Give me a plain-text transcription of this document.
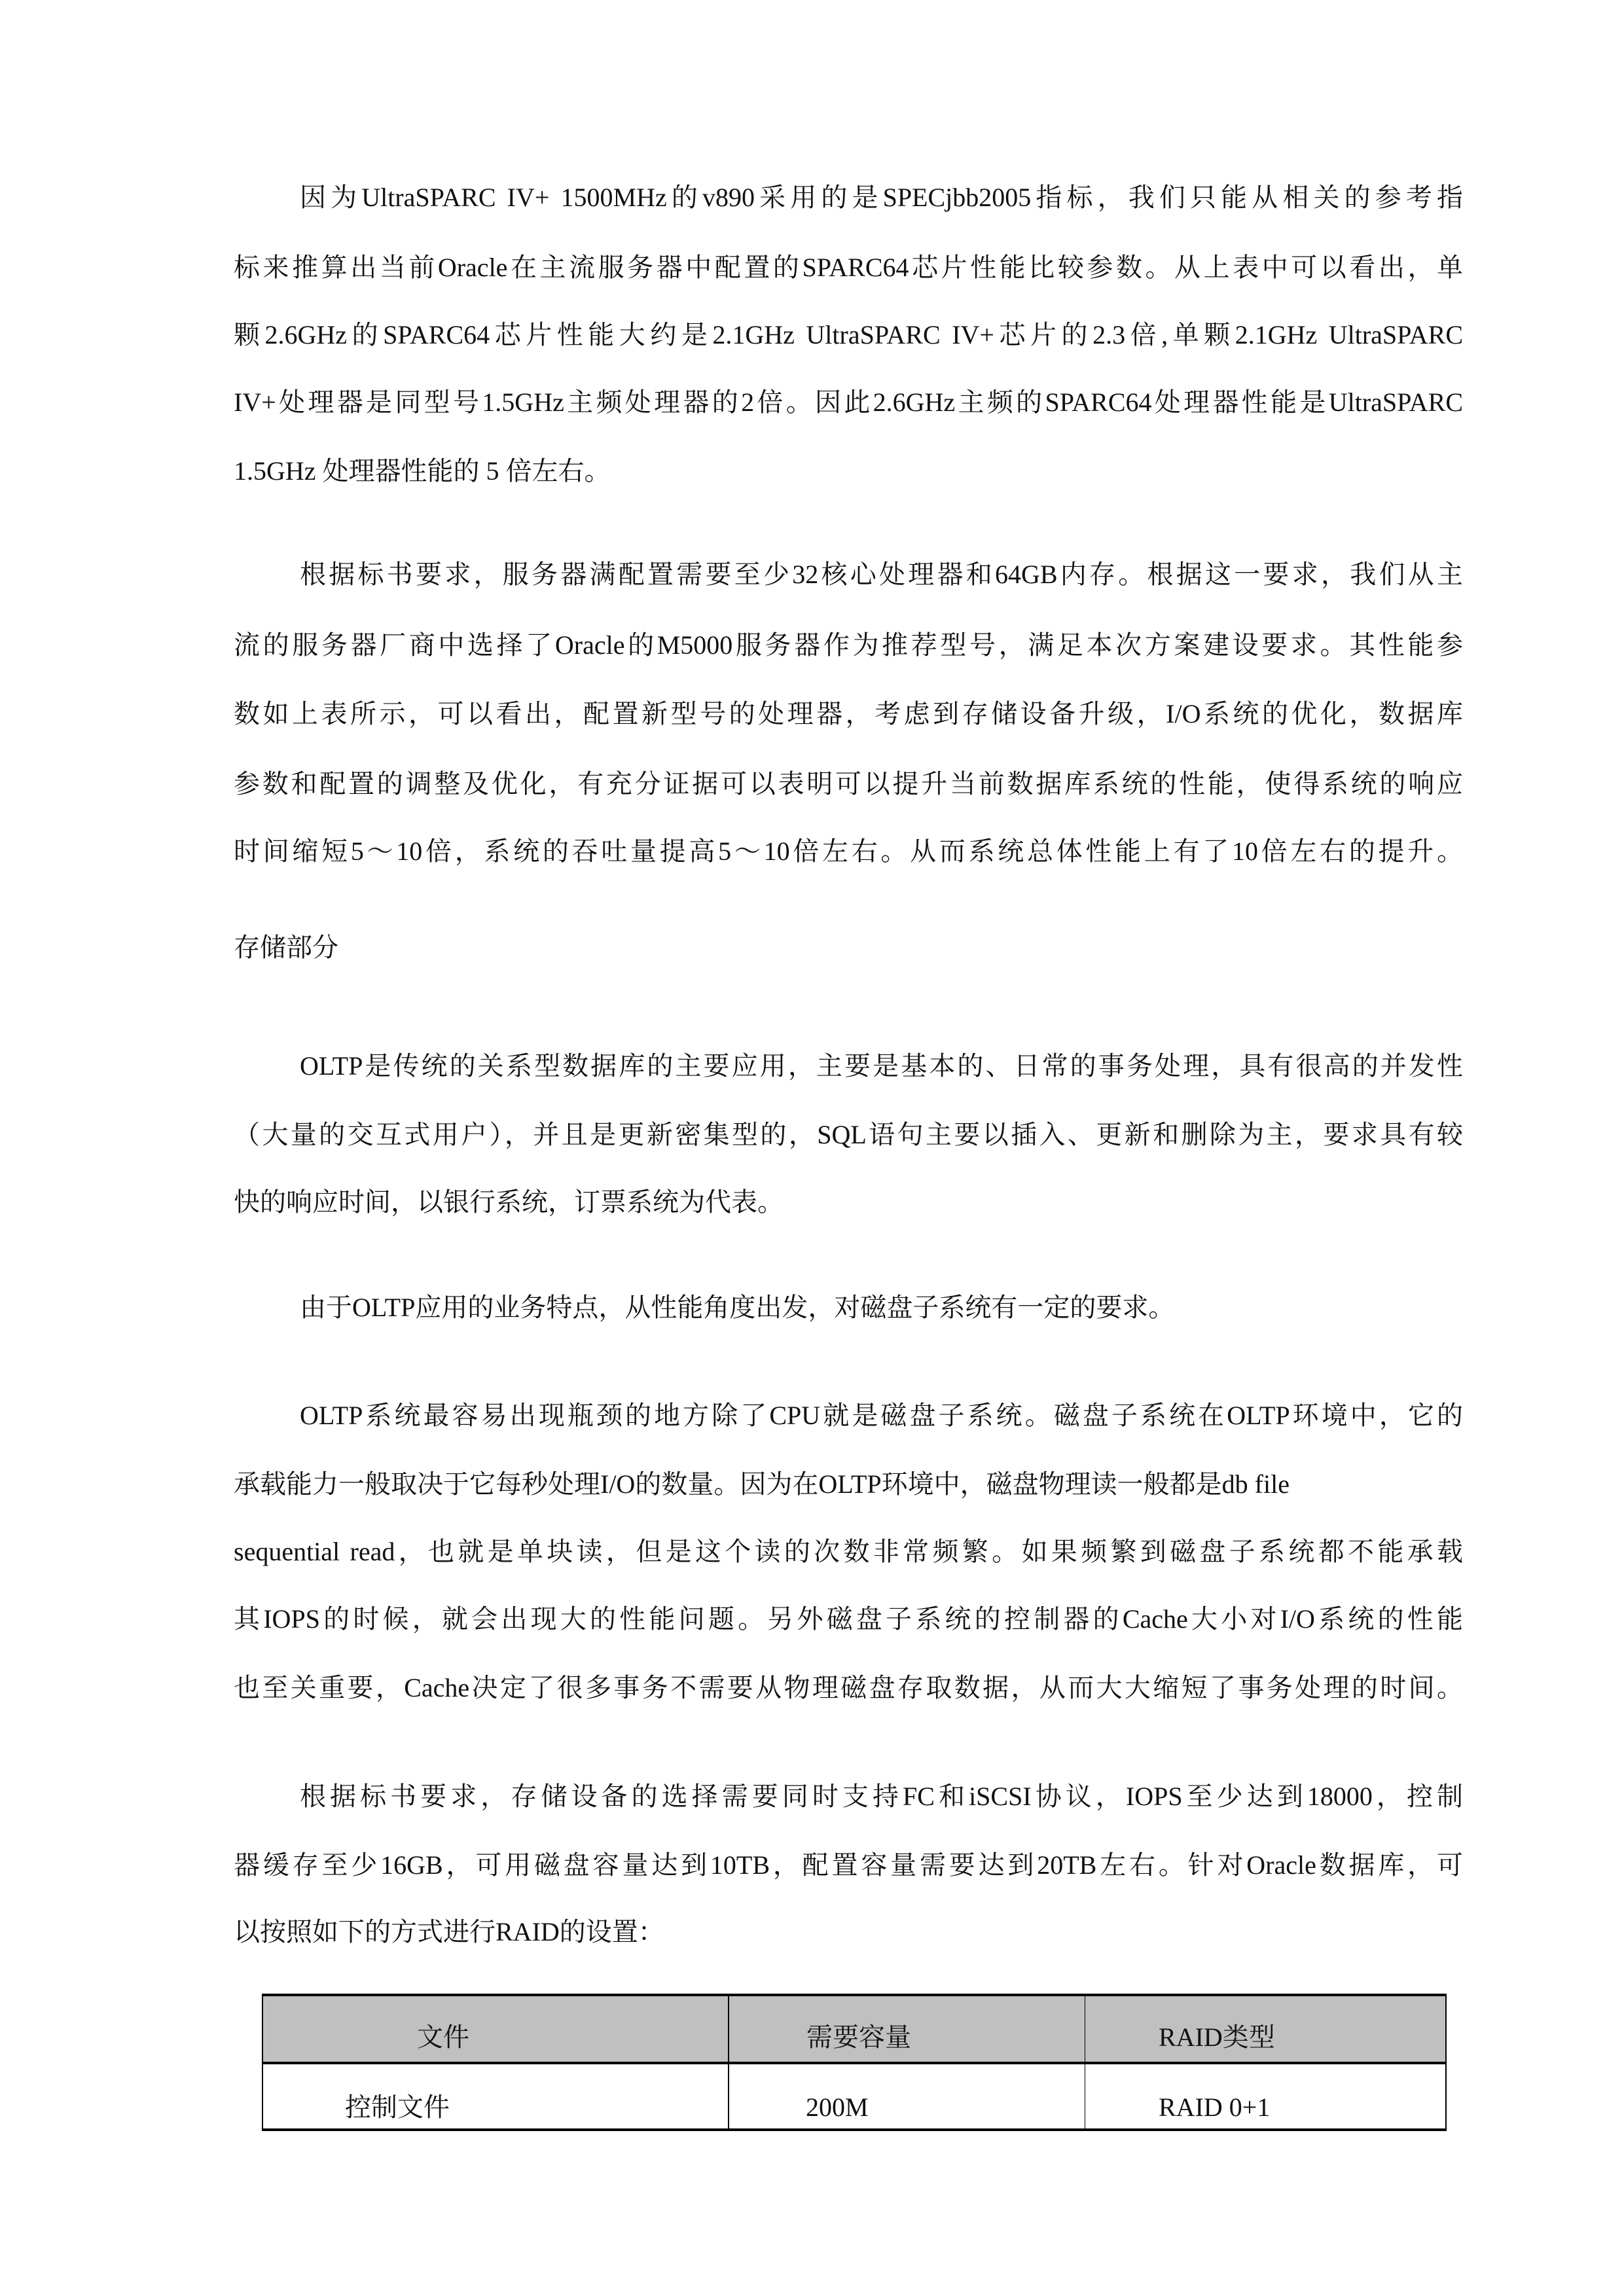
因为UltraSPARC IV+ 1500MHz的v890采用的是SPECjbb2005指标，我们只能从相关的参考指
标来推算出当前Oracle在主流服务器中配置的SPARC64芯片性能比较参数。从上表中可以看出，单
颗2.6GHz的SPARC64芯片性能大约是2.1GHz UltraSPARC IV+芯片的2.3倍,单颗2.1GHz UltraSPARC
IV+处理器是同型号1.5GHz主频处理器的2倍。因此2.6GHz主频的SPARC64处理器性能是UltraSPARC
1.5GHz 处理器性能的 5 倍左右。
根据标书要求，服务器满配置需要至少32核心处理器和64GB内存。根据这一要求，我们从主
流的服务器厂商中选择了Oracle的M5000服务器作为推荐型号，满足本次方案建设要求。其性能参
数如上表所示，可以看出，配置新型号的处理器，考虑到存储设备升级，I/O系统的优化，数据库
参数和配置的调整及优化，有充分证据可以表明可以提升当前数据库系统的性能，使得系统的响应
时间缩短5～10倍，系统的吞吐量提高5～10倍左右。从而系统总体性能上有了10倍左右的提升。
存储部分
OLTP是传统的关系型数据库的主要应用，主要是基本的、日常的事务处理，具有很高的并发性
（大量的交互式用户），并且是更新密集型的，SQL语句主要以插入、更新和删除为主，要求具有较
快的响应时间，以银行系统，订票系统为代表。
由于OLTP应用的业务特点，从性能角度出发，对磁盘子系统有一定的要求。
OLTP系统最容易出现瓶颈的地方除了CPU就是磁盘子系统。磁盘子系统在OLTP环境中，它的
承载能力一般取决于它每秒处理I/O的数量。因为在OLTP环境中，磁盘物理读一般都是db file
sequential read，也就是单块读，但是这个读的次数非常频繁。如果频繁到磁盘子系统都不能承载
其IOPS的时候，就会出现大的性能问题。另外磁盘子系统的控制器的Cache大小对I/O系统的性能
也至关重要，Cache决定了很多事务不需要从物理磁盘存取数据，从而大大缩短了事务处理的时间。
根据标书要求，存储设备的选择需要同时支持FC和iSCSI协议，IOPS至少达到18000，控制
器缓存至少16GB，可用磁盘容量达到10TB，配置容量需要达到20TB左右。针对Oracle数据库，可
以按照如下的方式进行RAID的设置：
文件	需要容量	RAID类型
控制文件	200M	RAID 0+1
